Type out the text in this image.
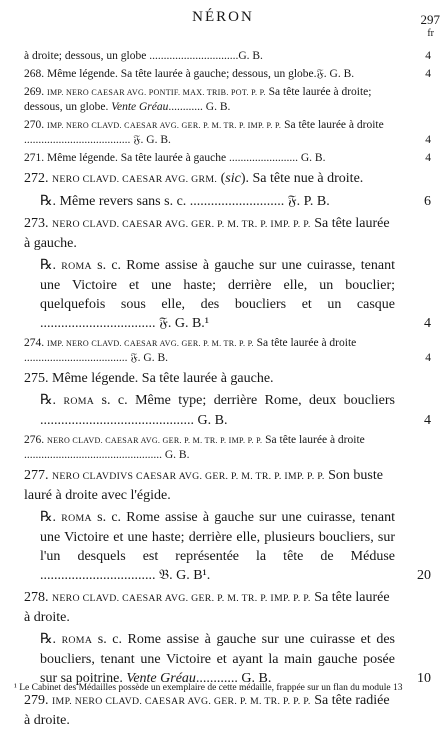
NÉRON	297
fr
à droite; dessous, un globe ...............................G. B.	4
268. Même légende. Sa tête laurée à gauche; dessous, un globe.𝔉. G. B.	4
269. IMP. NERO CAESAR AVG. PONTIF. MAX. TRIB. POT. P. P. Sa tête laurée à droite; dessous, un globe. Vente Gréau............ G. B.
270. IMP. NERO CLAVD. CAESAR AVG. GER. P. M. TR. P. IMP. P. P. Sa tête laurée à droite ..................................... 𝔉. G. B.	4
271. Même légende. Sa tête laurée à gauche ........................ G. B.	4
272. NERO CLAVD. CAESAR AVG. GRM. (sic). Sa tête nue à droite.
℞. Même revers sans s. c. ........................... 𝔉. P. B.	6
273. NERO CLAVD. CAESAR AVG. GER. P. M. TR. P. IMP. P. P. Sa tête laurée à gauche.
℞. ROMA s. c. Rome assise à gauche sur une cuirasse, tenant une Victoire et une haste; derrière elle, un bouclier; quelquefois sous elle, des boucliers et un casque ................................. 𝔉. G. B.¹	4
274. IMP. NERO CLAVD. CAESAR AVG. GER. P. M. TR. P. P. Sa tête laurée à droite .................................... 𝔉. G. B.	4
275. Même légende. Sa tête laurée à gauche.
℞. ROMA s. c. Même type; derrière Rome, deux boucliers ............................................ G. B.	4
276. NERO CLAVD. CAESAR AVG. GER. P. M. TR. P. IMP. P. P. Sa tête laurée à droite ................................................ G. B.
277. NERO CLAVDIVS CAESAR AVG. GER. P. M. TR. P. IMP. P. P. Son buste lauré à droite avec l'égide.
℞. ROMA s. c. Rome assise à gauche sur une cuirasse, tenant une Victoire et une haste; derrière elle, plusieurs boucliers, sur l'un desquels est représentée la tête de Méduse ................................. 𝔅. G. B¹.	20
278. NERO CLAVD. CAESAR AVG. GER. P. M. TR. P. IMP. P. P. Sa tête laurée à droite.
℞. ROMA s. c. Rome assise à gauche sur une cuirasse et des boucliers, tenant une Victoire et ayant la main gauche posée sur sa poitrine. Vente Gréau............ G. B.	10
279. IMP. NERO CLAVD. CAESAR AVG. GER. P. M. TR. P. P. P. Sa tête radiée à droite.
¹ Le Cabinet des Médailles possède un exemplaire de cette médaille, frappée sur un flan du module 13
